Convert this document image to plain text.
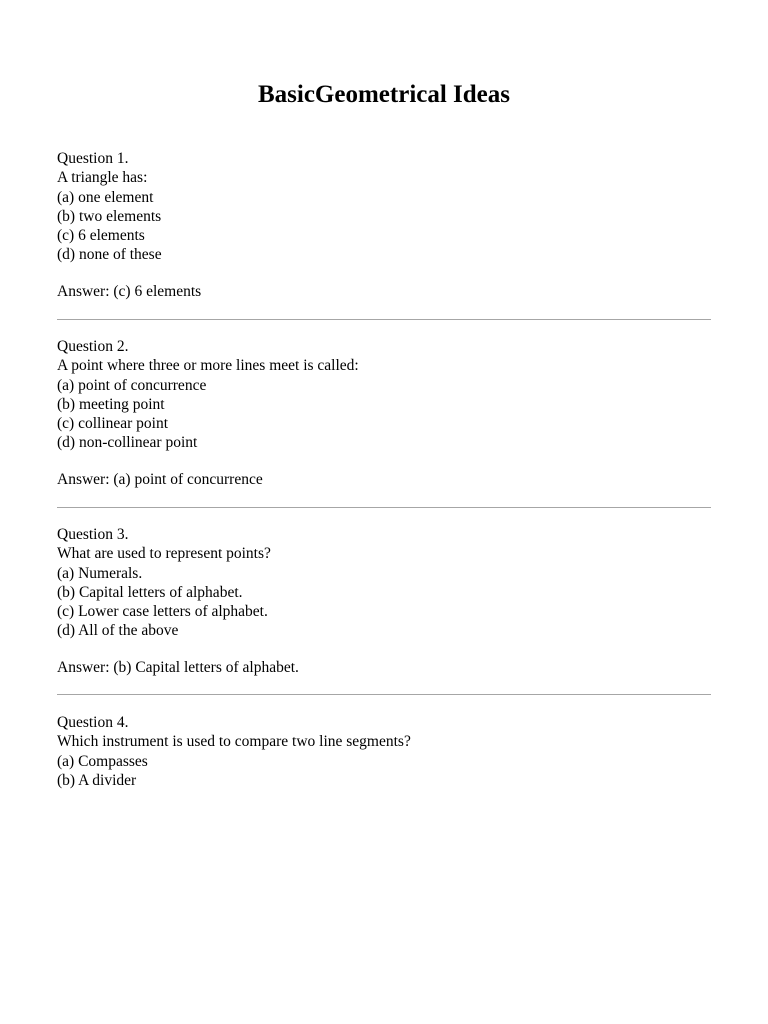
BasicGeometrical Ideas
Question 1.
A triangle has:
(a) one element
(b) two elements
(c) 6 elements
(d) none of these
Answer: (c) 6 elements
Question 2.
A point where three or more lines meet is called:
(a) point of concurrence
(b) meeting point
(c) collinear point
(d) non-collinear point
Answer: (a) point of concurrence
Question 3.
What are used to represent points?
(a) Numerals.
(b) Capital letters of alphabet.
(c) Lower case letters of alphabet.
(d) All of the above
Answer: (b) Capital letters of alphabet.
Question 4.
Which instrument is used to compare two line segments?
(a) Compasses
(b) A divider
